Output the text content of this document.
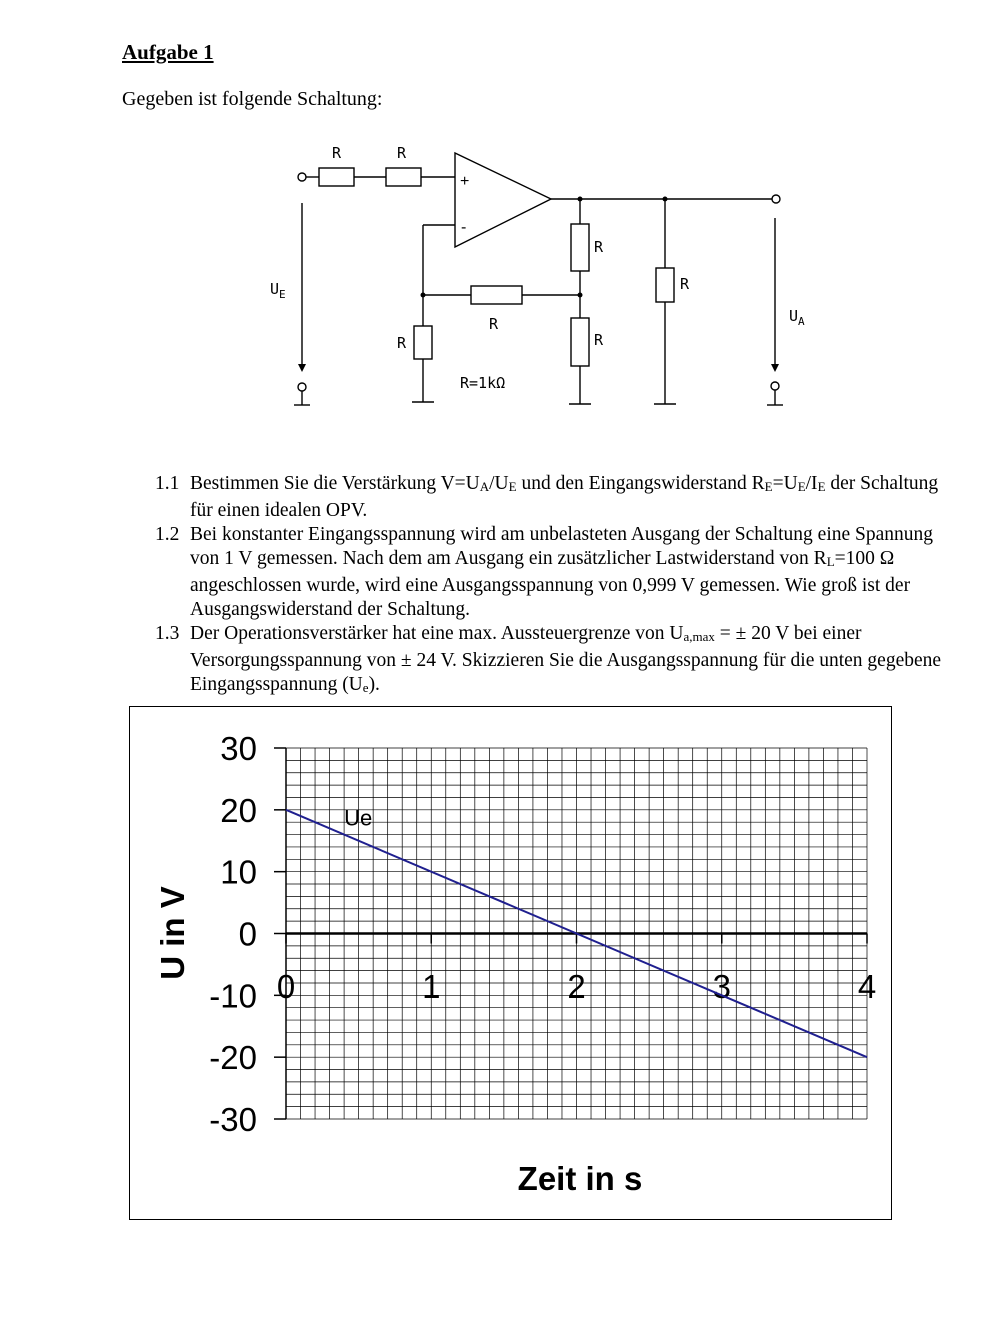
Aufgabe 1
Gegeben ist folgende Schaltung:
R	R
R
R
R
R	R
R=1kΩ
$U_E$
$U_A$
+
-
1.1 Bestimmen Sie die Verstärkung $V=U_A/U_E$ und den Eingangswiderstand $R_E=U_E/I_E$ der Schaltung für einen idealen OPV.
1.2 Bei konstanter Eingangsspannung wird am unbelasteten Ausgang der Schaltung eine Spannung von 1 V gemessen. Nach dem am Ausgang ein zusätzlicher Lastwiderstand von $R_L=100$ Ω angeschlossen wurde, wird eine Ausgangsspannung von 0,999 V gemessen. Wie groß ist der Ausgangswiderstand der Schaltung.
1.3 Der Operationsverstärker hat eine max. Aussteuergrenze von $U_{a,max}$ = ± 20 V bei einer Versorgungsspannung von ± 24 V. Skizzieren Sie die Ausgangsspannung für die unten gegebene Eingangsspannung $(U_e)$.
30
20
10
0
-10
-20
-30
0	1	2	3	4
Ue
Zeit in s
U in V
